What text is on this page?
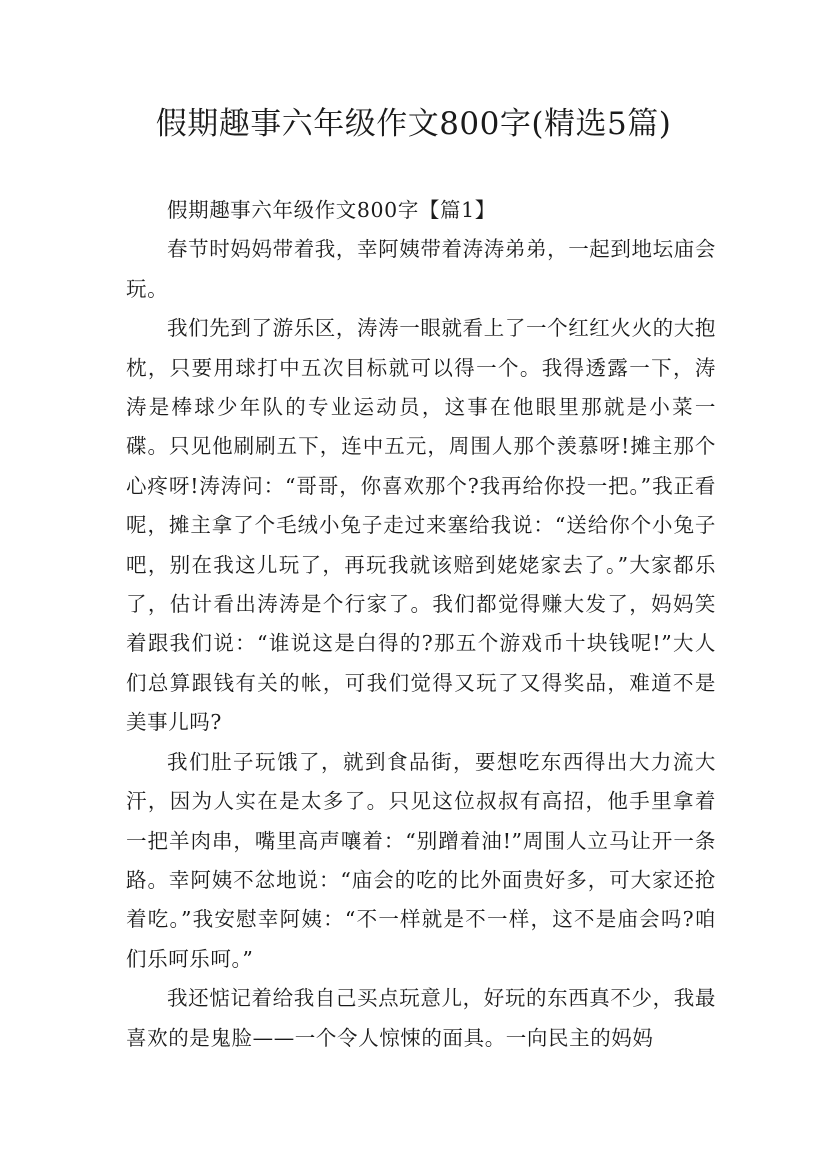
假期趣事六年级作文800字(精选5篇)

假期趣事六年级作文800字【篇1】

春节时妈妈带着我，幸阿姨带着涛涛弟弟，一起到地坛庙会玩。

我们先到了游乐区，涛涛一眼就看上了一个红红火火的大抱枕，只要用球打中五次目标就可以得一个。我得透露一下，涛涛是棒球少年队的专业运动员，这事在他眼里那就是小菜一碟。只见他刷刷五下，连中五元，周围人那个羡慕呀!摊主那个心疼呀!涛涛问：“哥哥，你喜欢那个?我再给你投一把。”我正看呢，摊主拿了个毛绒小兔子走过来塞给我说：“送给你个小兔子吧，别在我这儿玩了，再玩我就该赔到姥姥家去了。”大家都乐了，估计看出涛涛是个行家了。我们都觉得赚大发了，妈妈笑着跟我们说：“谁说这是白得的?那五个游戏币十块钱呢!”大人们总算跟钱有关的帐，可我们觉得又玩了又得奖品，难道不是美事儿吗?

我们肚子玩饿了，就到食品街，要想吃东西得出大力流大汗，因为人实在是太多了。只见这位叔叔有高招，他手里拿着一把羊肉串，嘴里高声嚷着：“别蹭着油!”周围人立马让开一条路。幸阿姨不忿地说：“庙会的吃的比外面贵好多，可大家还抢着吃。”我安慰幸阿姨：“不一样就是不一样，这不是庙会吗?咱们乐呵乐呵。”

我还惦记着给我自己买点玩意儿，好玩的东西真不少，我最喜欢的是鬼脸——一个令人惊悚的面具。一向民主的妈妈
